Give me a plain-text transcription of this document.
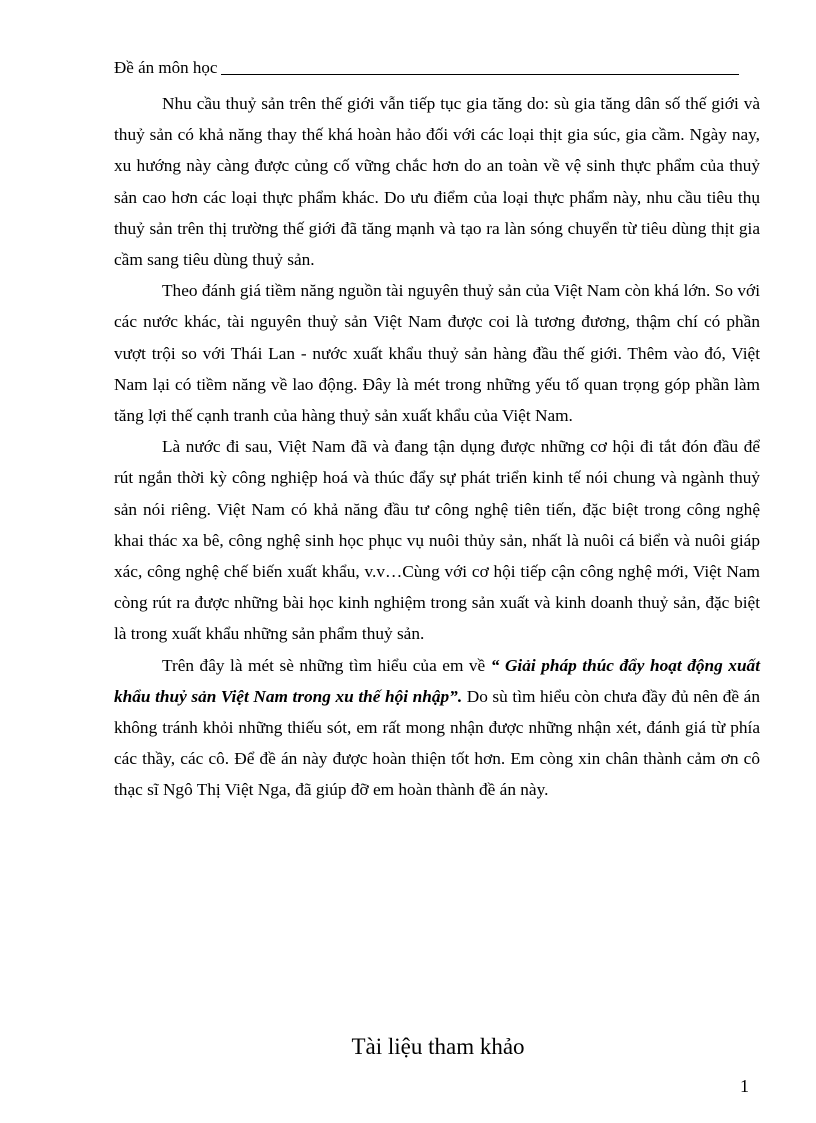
Đề án môn học

Nhu cầu thuỷ sản trên thế giới vẫn tiếp tục gia tăng do: sù gia tăng dân số thế giới và thuỷ sản có khả năng thay thế khá hoàn hảo đối với các loại thịt gia súc, gia cầm. Ngày nay, xu hướng này càng được củng cố vững chắc hơn do an toàn về vệ sinh thực phẩm của thuỷ sản cao hơn các loại thực phẩm khác. Do ưu điểm của loại thực phẩm này, nhu cầu tiêu thụ thuỷ sản trên thị trường thế giới đã tăng mạnh và tạo ra làn sóng chuyển từ tiêu dùng thịt gia cầm sang tiêu dùng thuỷ sản.

Theo đánh giá tiềm năng nguồn tài nguyên thuỷ sản của Việt Nam còn khá lớn. So với các nước khác, tài nguyên thuỷ sản Việt Nam được coi là tương đương, thậm chí có phần vượt trội so với Thái Lan - nước xuất khẩu thuỷ sản hàng đầu thế giới. Thêm vào đó, Việt Nam lại có tiềm năng về lao động. Đây là mét trong những yếu tố quan trọng góp phần làm tăng lợi thế cạnh tranh của hàng thuỷ sản xuất khẩu của Việt Nam.

Là nước đi sau, Việt Nam đã và đang tận dụng được những cơ hội đi tắt đón đầu để rút ngắn thời kỳ công nghiệp hoá và thúc đẩy sự phát triển kinh tế nói chung và ngành thuỷ sản nói riêng. Việt Nam có khả năng đầu tư công nghệ tiên tiến, đặc biệt trong công nghệ khai thác xa bê, công nghệ sinh học phục vụ nuôi thủy sản, nhất là nuôi cá biển và nuôi giáp xác, công nghệ chế biến xuất khẩu, v.v…Cùng với cơ hội tiếp cận công nghệ mới, Việt Nam còng rút ra được những bài học kinh nghiệm trong sản xuất và kinh doanh thuỷ sản, đặc biệt là trong xuất khẩu những sản phẩm thuỷ sản.

Trên đây là mét sè những tìm hiểu của em về “ Giải pháp thúc đẩy hoạt động xuất khẩu thuỷ sản Việt Nam trong xu thế hội nhập”. Do sù tìm hiểu còn chưa đầy đủ nên đề án không tránh khỏi những thiếu sót, em rất mong nhận được những nhận xét, đánh giá từ phía các thầy, các cô. Để đề án này được hoàn thiện tốt hơn. Em còng xin chân thành cảm ơn cô thạc sĩ Ngô Thị Việt Nga, đã giúp đỡ em hoàn thành đề án này.

Tài liệu tham khảo
1
